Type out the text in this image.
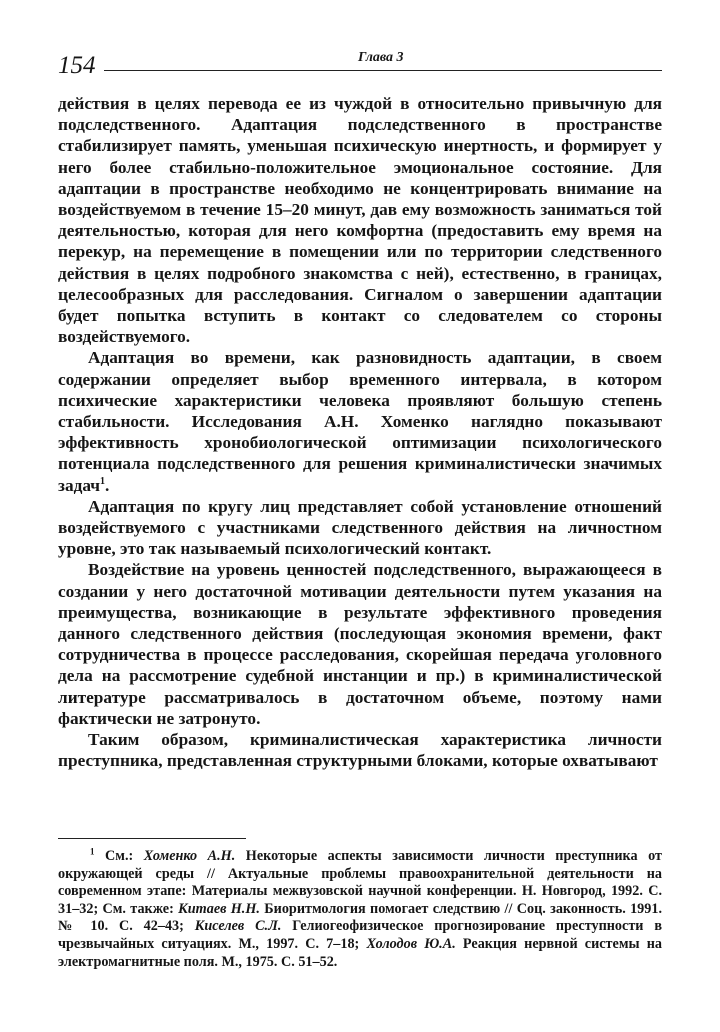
154	Глава 3

действия в целях перевода ее из чуждой в относительно привычную для подследственного. Адаптация подследственного в пространстве стабилизирует память, уменьшая психическую инертность, и формирует у него более стабильно-положительное эмоциональное состояние. Для адаптации в пространстве необходимо не концентрировать внимание на воздействуемом в течение 15–20 минут, дав ему возможность заниматься той деятельностью, которая для него комфортна (предоставить ему время на перекур, на перемещение в помещении или по территории следственного действия в целях подробного знакомства с ней), естественно, в границах, целесообразных для расследования. Сигналом о завершении адаптации будет попытка вступить в контакт со следователем со стороны воздействуемого.

Адаптация во времени, как разновидность адаптации, в своем содержании определяет выбор временного интервала, в котором психические характеристики человека проявляют большую степень стабильности. Исследования А.Н. Хоменко наглядно показывают эффективность хронобиологической оптимизации психологического потенциала подследственного для решения криминалистически значимых задач$^1$.

Адаптация по кругу лиц представляет собой установление отношений воздействуемого с участниками следственного действия на личностном уровне, это так называемый психологический контакт.

Воздействие на уровень ценностей подследственного, выражающееся в создании у него достаточной мотивации деятельности путем указания на преимущества, возникающие в результате эффективного проведения данного следственного действия (последующая экономия времени, факт сотрудничества в процессе расследования, скорейшая передача уголовного дела на рассмотрение судебной инстанции и пр.) в криминалистической литературе рассматривалось в достаточном объеме, поэтому нами фактически не затронуто.

Таким образом, криминалистическая характеристика личности преступника, представленная структурными блоками, которые охватывают

$^1$ См.: Хоменко А.Н. Некоторые аспекты зависимости личности преступника от окружающей среды // Актуальные проблемы правоохранительной деятельности на современном этапе: Материалы межвузовской научной конференции. Н. Новгород, 1992. С. 31–32; См. также: Китаев Н.Н. Биоритмология помогает следствию // Соц. законность. 1991. № 10. С. 42–43; Киселев С.Л. Гелиогеофизическое прогнозирование преступности в чрезвычайных ситуациях. М., 1997. С. 7–18; Холодов Ю.А. Реакция нервной системы на электромагнитные поля. М., 1975. С. 51–52.
